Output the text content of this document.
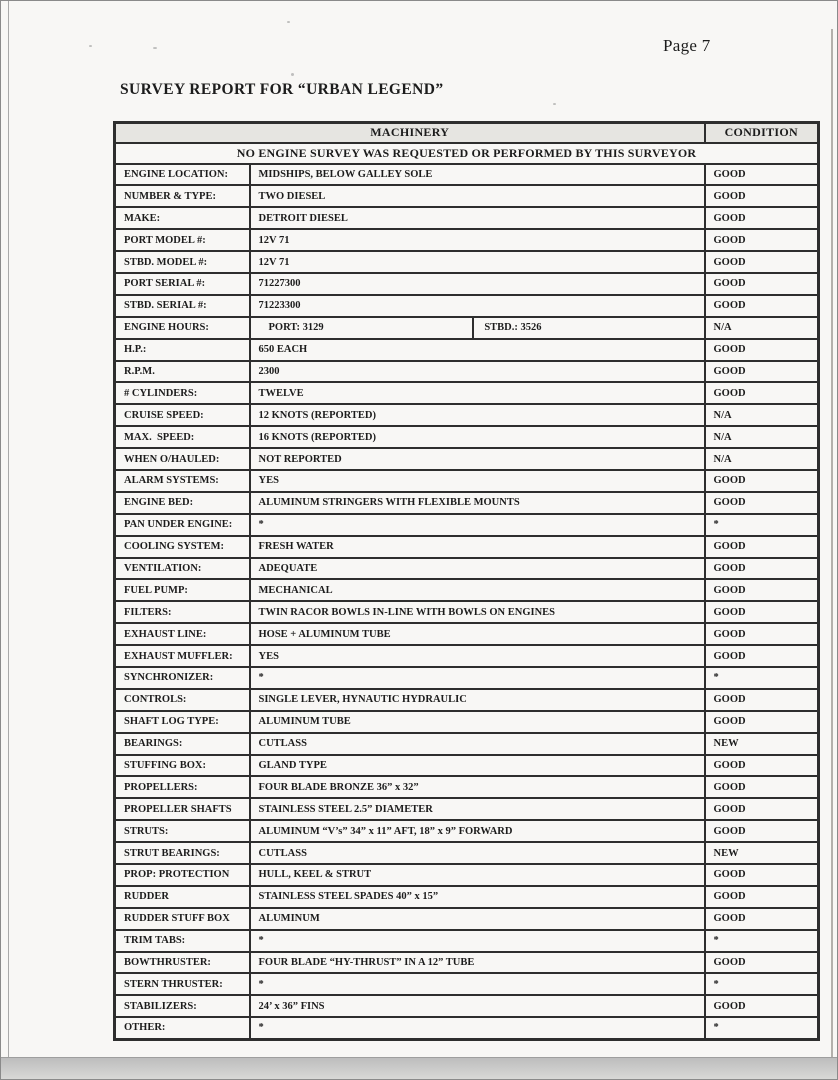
Page 7
SURVEY REPORT FOR “URBAN LEGEND”
MACHINERY		CONDITION
NO ENGINE SURVEY WAS REQUESTED OR PERFORMED BY THIS SURVEYOR		
ENGINE LOCATION:	MIDSHIPS, BELOW GALLEY SOLE	GOOD
NUMBER & TYPE:	TWO DIESEL	GOOD
MAKE:	DETROIT DIESEL	GOOD
PORT MODEL #:	12V 71	GOOD
STBD. MODEL #:	12V 71	GOOD
PORT SERIAL #:	71227300	GOOD
STBD. SERIAL #:	71223300	GOOD
ENGINE HOURS:	PORT: 3129 STBD.: 3526	N/A
H.P.:	650 EACH	GOOD
R.P.M.	2300	GOOD
# CYLINDERS:	TWELVE	GOOD
CRUISE SPEED:	12 KNOTS (REPORTED)	N/A
MAX.  SPEED:	16 KNOTS (REPORTED)	N/A
WHEN O/HAULED:	NOT REPORTED	N/A
ALARM SYSTEMS:	YES	GOOD
ENGINE BED:	ALUMINUM STRINGERS WITH FLEXIBLE MOUNTS	GOOD
PAN UNDER ENGINE:	*	*
COOLING SYSTEM:	FRESH WATER	GOOD
VENTILATION:	ADEQUATE	GOOD
FUEL PUMP:	MECHANICAL	GOOD
FILTERS:	TWIN RACOR BOWLS IN-LINE WITH BOWLS ON ENGINES	GOOD
EXHAUST LINE:	HOSE + ALUMINUM TUBE	GOOD
EXHAUST MUFFLER:	YES	GOOD
SYNCHRONIZER:	*	*
CONTROLS:	SINGLE LEVER, HYNAUTIC HYDRAULIC	GOOD
SHAFT LOG TYPE:	ALUMINUM TUBE	GOOD
BEARINGS:	CUTLASS	NEW
STUFFING BOX:	GLAND TYPE	GOOD
PROPELLERS:	FOUR BLADE BRONZE 36” x 32”	GOOD
PROPELLER SHAFTS	STAINLESS STEEL 2.5” DIAMETER	GOOD
STRUTS:	ALUMINUM “V’s” 34” x 11” AFT, 18” x 9” FORWARD	GOOD
STRUT BEARINGS:	CUTLASS	NEW
PROP: PROTECTION	HULL, KEEL & STRUT	GOOD
RUDDER	STAINLESS STEEL SPADES 40” x 15”	GOOD
RUDDER STUFF BOX	ALUMINUM	GOOD
TRIM TABS:	*	*
BOWTHRUSTER:	FOUR BLADE “HY-THRUST” IN A 12” TUBE	GOOD
STERN THRUSTER:	*	*
STABILIZERS:	24’ x 36” FINS	GOOD
OTHER:	*	*
